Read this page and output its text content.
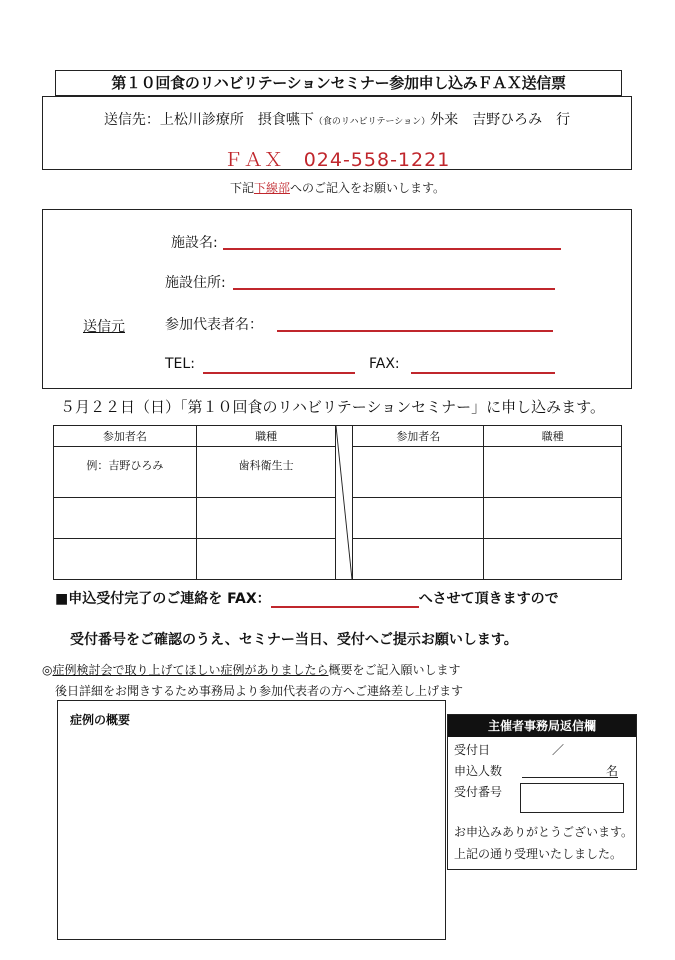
第１０回食のリハビリテーションセミナー参加申し込みＦＡＸ送信票
送信先：上松川診療所　摂食嚥下（食のリハビリテーション）外来　吉野ひろみ　行
ＦＡＸ　024-558-1221
下記下線部へのご記入をお願いします。
施設名:
施設住所:
送信元	参加代表者名：
TEL:	FAX:
５月２２日（日）「第１０回食のリハビリテーションセミナー」に申し込みます。
参加者名	職種		参加者名	職種
例：吉野ひろみ	歯科衛生士			

■申込受付完了のご連絡を FAX：	へさせて頂きますので
受付番号をご確認のうえ、セミナー当日、受付へご提示お願いします。
◎症例検討会で取り上げてほしい症例がありましたら概要をご記入願いします
後日詳細をお聞きするため事務局より参加代表者の方へご連絡差し上げます
症例の概要	主催者事務局返信欄
受付日	／
申込人数	名
受付番号
お申込みありがとうございます。
上記の通り受理いたしました。
